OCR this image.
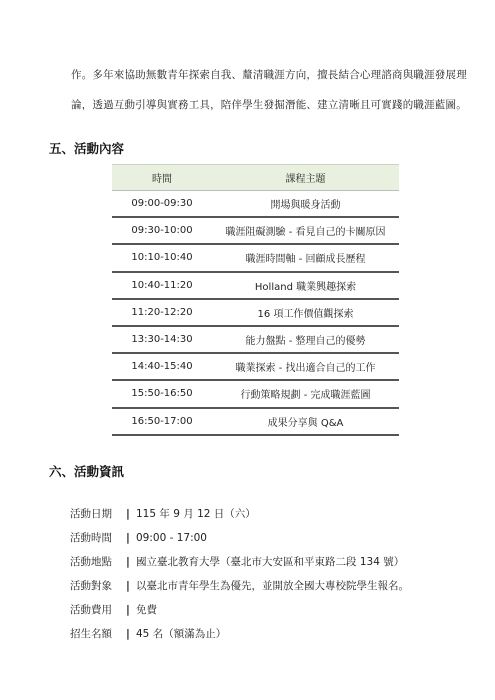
作。多年來協助無數青年探索自我、釐清職涯方向，擅長結合心理諮商與職涯發展理

論，透過互動引導與實務工具，陪伴學生發掘潛能、建立清晰且可實踐的職涯藍圖。

五、活動內容
時間	課程主題
09:00-09:30	開場與暖身活動
09:30-10:00	職涯阻礙測驗 - 看見自己的卡關原因
10:10-10:40	職涯時間軸 - 回顧成長歷程
10:40-11:20	Holland 職業興趣探索
11:20-12:20	16 項工作價值觀探索
13:30-14:30	能力盤點 - 整理自己的優勢
14:40-15:40	職業探索 - 找出適合自己的工作
15:50-16:50	行動策略規劃 - 完成職涯藍圖
16:50-17:00	成果分享與 Q&A
六、活動資訊
活動日期 | 115 年 9 月 12 日（六）
活動時間 | 09:00 - 17:00
活動地點 | 國立臺北教育大學（臺北市大安區和平東路二段 134 號）
活動對象 | 以臺北市青年學生為優先，並開放全國大專校院學生報名。
活動費用 | 免費
招生名額 | 45 名（額滿為止）
